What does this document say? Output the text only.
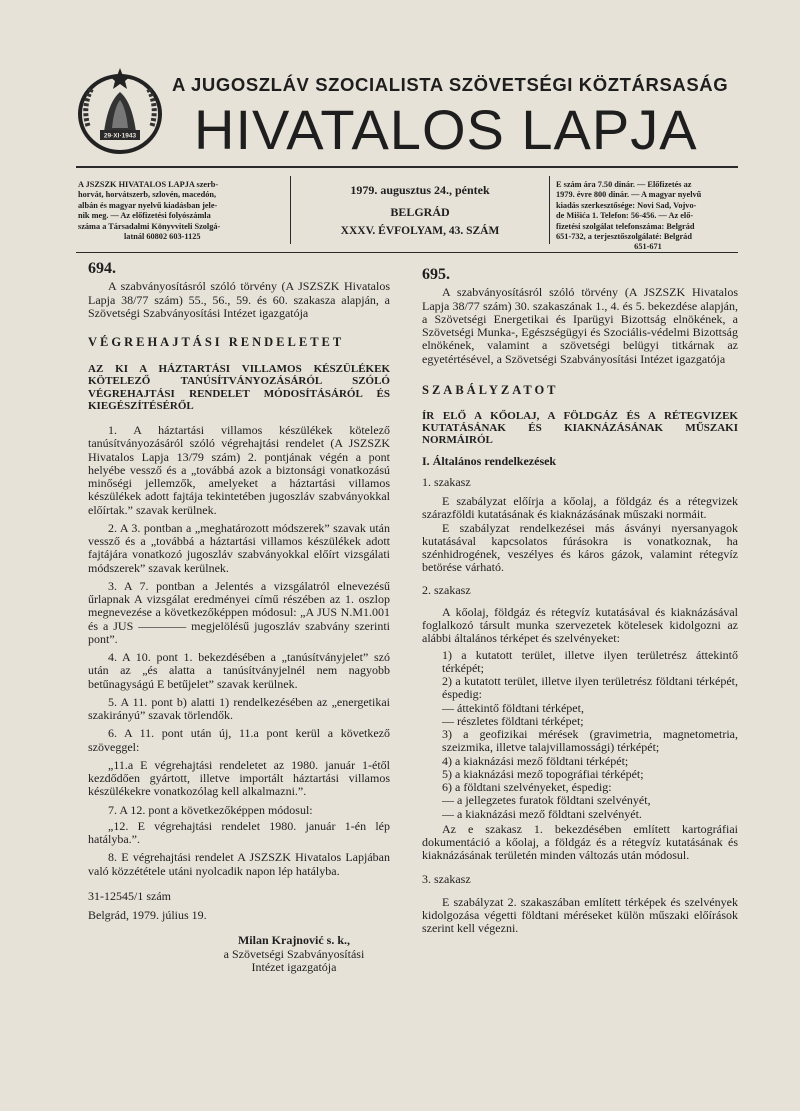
29·XI·1943
A JUGOSZLÁV SZOCIALISTA SZÖVETSÉGI KÖZTÁRSASÁG
HIVATALOS LAPJA
A JSZSZK HIVATALOS LAPJA szerb-
horvát, horvátszerb, szlovén, macedón,
albán és magyar nyelvű kiadásban jele-
nik meg. — Az előfizetési folyószámla
száma a Társadalmi Könyvviteli Szolgá-
latnál 60802 603-1125
1979. augusztus 24., péntek
BELGRÁD
XXXV. ÉVFOLYAM, 43. SZÁM
E szám ára 7.50 dinár. — Előfizetés az
1979. évre 800 dinár. — A magyar nyelvű
kiadás szerkesztősége: Novi Sad, Vojvo-
de Mišića 1. Telefon: 56-456. — Az elő-
fizetési szolgálat telefonszáma: Belgrád
651-732, a terjesztőszolgálaté: Belgrád
651-671

694.

A szabványosításról szóló törvény (A JSZSZK Hivatalos Lapja 38/77 szám) 55., 56., 59. és 60. szakasza alapján, a Szövetségi Szabványosítási Intézet igazgatója

VÉGREHAJTÁSI RENDELETET

AZ KI A HÁZTARTÁSI VILLAMOS KÉSZÜLÉKEK KÖTELEZŐ TANÚSÍTVÁNYOZÁSÁRÓL SZÓLÓ VÉGREHAJTÁSI RENDELET MÓDOSÍTÁSÁRÓL ÉS KIEGÉSZÍTÉSÉRŐL

1. A háztartási villamos készülékek kötelező tanúsítványozásáról szóló végrehajtási rendelet (A JSZSZK Hivatalos Lapja 13/79 szám) 2. pontjának végén a pont helyébe vessző és a „továbbá azok a biztonsági vonatkozású minőségi jellemzők, amelyeket a háztartási villamos készülékek adott fajtája tekintetében jugoszláv szabványokkal előírtak.” szavak kerülnek.

2. A 3. pontban a „meghatározott módszerek” szavak után vessző és a „továbbá a háztartási villamos készülékek adott fajtájára vonatkozó jugoszláv szabványokkal előírt vizsgálati módszerek” szavak kerülnek.

3. A 7. pontban a Jelentés a vizsgálatról elnevezésű űrlapnak A vizsgálat eredményei című részében az 1. oszlop megnevezése a következőképpen módosul: „A JUS N.M1.001 és a JUS ———— megjelölésű jugoszláv szabvány szerinti pont”.

4. A 10. pont 1. bekezdésében a „tanúsítványjelet” szó után az „és alatta a tanúsítványjelnél nem nagyobb betűnagyságú E betűjelet” szavak kerülnek.

5. A 11. pont b) alatti 1) rendelkezésében az „energetikai szakirányú” szavak törlendők.

6. A 11. pont után új, 11.a pont kerül a következő szöveggel:

„11.a E végrehajtási rendeletet az 1980. január 1-étől kezdődően gyártott, illetve importált háztartási villamos készülékekre vonatkozólag kell alkalmazni.”.

7. A 12. pont a következőképpen módosul:

„12. E végrehajtási rendelet 1980. január 1-én lép hatályba.”.

8. E végrehajtási rendelet A JSZSZK Hivatalos Lapjában való közzététele utáni nyolcadik napon lép hatályba.

31-12545/1 szám

Belgrád, 1979. július 19.

Milan Krajnović s. k.,
a Szövetségi Szabványosítási
Intézet igazgatója

695.

A szabványosításról szóló törvény (A JSZSZK Hivatalos Lapja 38/77 szám) 30. szakaszának 1., 4. és 5. bekezdése alapján, a Szövetségi Energetikai és Iparügyi Bizottság elnökének, a Szövetségi Munka-, Egészségügyi és Szociális-védelmi Bizottság elnökének, valamint a szövetségi belügyi titkárnak az egyetértésével, a Szövetségi Szabványosítási Intézet igazgatója

SZABÁLYZATOT

ÍR ELŐ A KŐOLAJ, A FÖLDGÁZ ÉS A RÉTEGVIZEK KUTATÁSÁNAK ÉS KIAKNÁZÁSÁNAK MŰSZAKI NORMÁIRÓL

I. Általános rendelkezések

1. szakasz

E szabályzat előírja a kőolaj, a földgáz és a rétegvizek szárazföldi kutatásának és kiaknázásának műszaki normáit.

E szabályzat rendelkezései más ásványi nyersanyagok kutatásával kapcsolatos fúrásokra is vonatkoznak, ha szénhidrogének, veszélyes és káros gázok, valamint rétegvíz betörése várható.

2. szakasz

A kőolaj, földgáz és rétegvíz kutatásával és kiaknázásával foglalkozó társult munka szervezetek kötelesek kidolgozni az alábbi általános térképet és szelvényeket:

1) a kutatott terület, illetve ilyen területrész áttekintő térképét;

2) a kutatott terület, illetve ilyen területrész földtani térképét, éspedig:

— áttekintő földtani térképet,

— részletes földtani térképet;

3) a geofizikai mérések (gravimetria, magnetometria, szeizmika, illetve talajvillamossági) térképét;

4) a kiaknázási mező földtani térképét;

5) a kiaknázási mező topográfiai térképét;

6) a földtani szelvényeket, éspedig:

— a jellegzetes furatok földtani szelvényét,

— a kiaknázási mező földtani szelvényét.

Az e szakasz 1. bekezdésében említett kartográfiai dokumentáció a kőolaj, a földgáz és a rétegvíz kutatásának és kiaknázásának területén minden változás után módosul.

3. szakasz

E szabályzat 2. szakaszában említett térképek és szelvények kidolgozása végetti földtani méréseket külön műszaki előírások szerint kell végezni.
